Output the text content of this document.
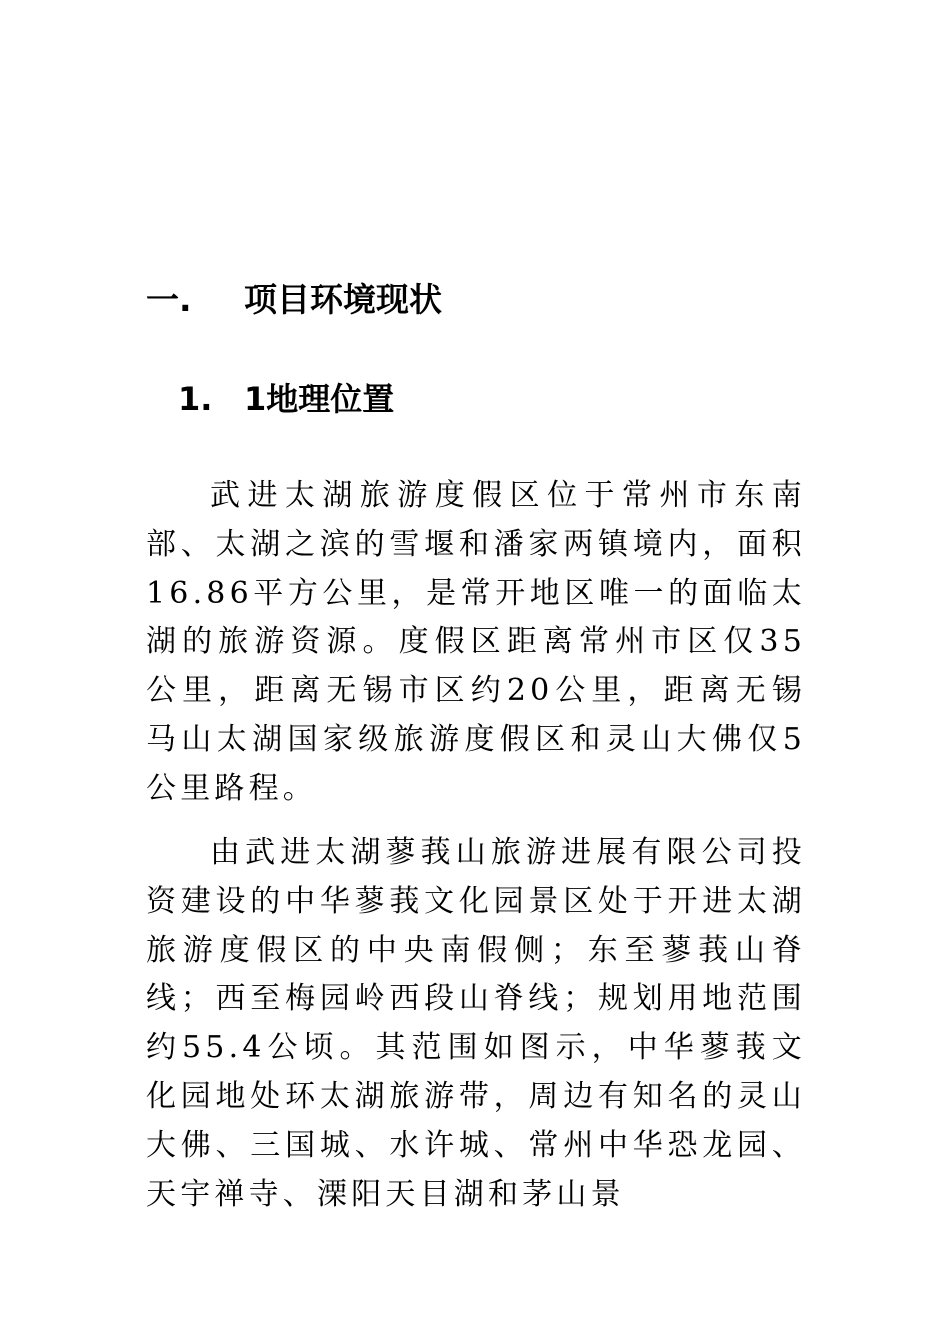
一. 项目环境现状
1. 1地理位置

武进太湖旅游度假区位于常州市东南部、太湖之滨的雪堰和潘家两镇境内，面积16.86平方公里，是常开地区唯一的面临太湖的旅游资源。度假区距离常州市区仅35公里，距离无锡市区约20公里，距离无锡马山太湖国家级旅游度假区和灵山大佛仅5公里路程。

由武进太湖蓼莪山旅游进展有限公司投资建设的中华蓼莪文化园景区处于开进太湖旅游度假区的中央南假侧；东至蓼莪山脊线；西至梅园岭西段山脊线；规划用地范围约55.4公顷。其范围如图示，中华蓼莪文化园地处环太湖旅游带，周边有知名的灵山大佛、三国城、水许城、常州中华恐龙园、天宇禅寺、溧阳天目湖和茅山景
